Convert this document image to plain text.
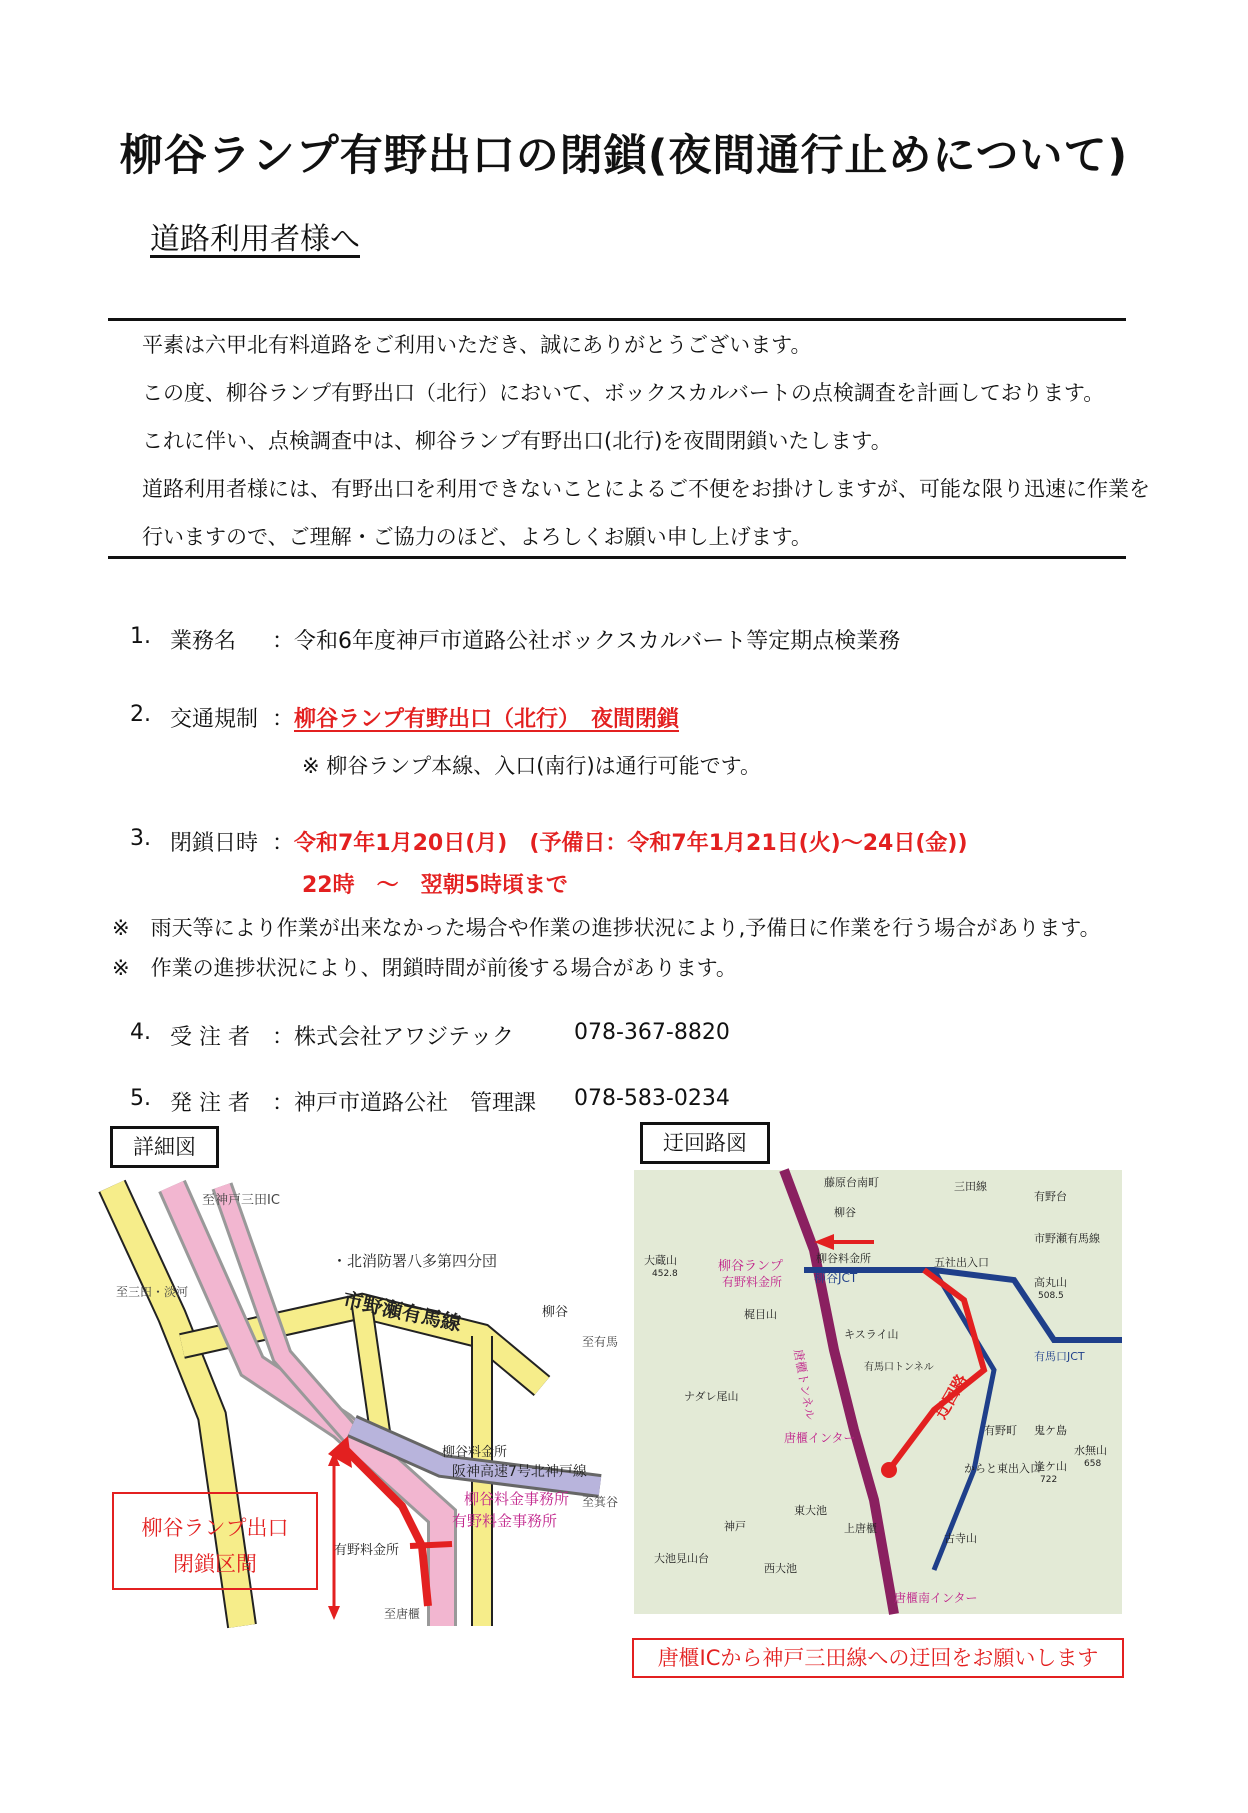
柳谷ランプ有野出口の閉鎖(夜間通行止めについて)
道路利用者様へ
平素は六甲北有料道路をご利用いただき、誠にありがとうございます。
この度、柳谷ランプ有野出口（北行）において、ボックスカルバートの点検調査を計画しております。
これに伴い、点検調査中は、柳谷ランプ有野出口(北行)を夜間閉鎖いたします。
道路利用者様には、有野出口を利用できないことによるご不便をお掛けしますが、可能な限り迅速に作業を
行いますので、ご理解・ご協力のほど、よろしくお願い申し上げます。
1. 業務名 ： 令和6年度神戸市道路公社ボックスカルバート等定期点検業務
2. 交通規制 ： 柳谷ランプ有野出口（北行）　夜間閉鎖
※ 柳谷ランプ本線、入口(南行)は通行可能です。
3. 閉鎖日時 ： 令和7年1月20日(月)　(予備日：令和7年1月21日(火)～24日(金))
22時　～　翌朝5時頃まで
※　雨天等により作業が出来なかった場合や作業の進捗状況により,予備日に作業を行う場合があります。
※　作業の進捗状況により、閉鎖時間が前後する場合があります。
4. 受 注 者 ： 株式会社アワジテック	078-367-8820
5. 発 注 者 ： 神戸市道路公社　管理課 078-583-0234
詳細図	迂回路図
至神戸三田IC
・北消防署八多第四分団
柳谷
市野瀬有馬線
柳谷料金所
阪神高速7号北神戸線
柳谷料金事務所
有野料金事務所
有野料金所
至唐櫃
至有馬
至箕谷
至三田・淡河
柳谷ランプ出口
閉鎖区間
藤原台南町
有野台
柳谷
大蔵山
452.8	柳谷ランプ
有野料金所
柳谷料金所
柳谷JCT
五社出入口
市野瀬有馬線
三田線
高丸山
508.5
梶目山
キスライ山
有馬口JCT
唐櫃トンネル	有馬口トンネル
迂回路
ナダレ尾山
唐櫃インター
有野町 鬼ケ島
からと東出入口
逢ケ山
722
水無山
658
東大池
上唐櫃
古寺山
大池見山台
西大池
唐櫃南インター
神戸
唐櫃ICから神戸三田線への迂回をお願いします
